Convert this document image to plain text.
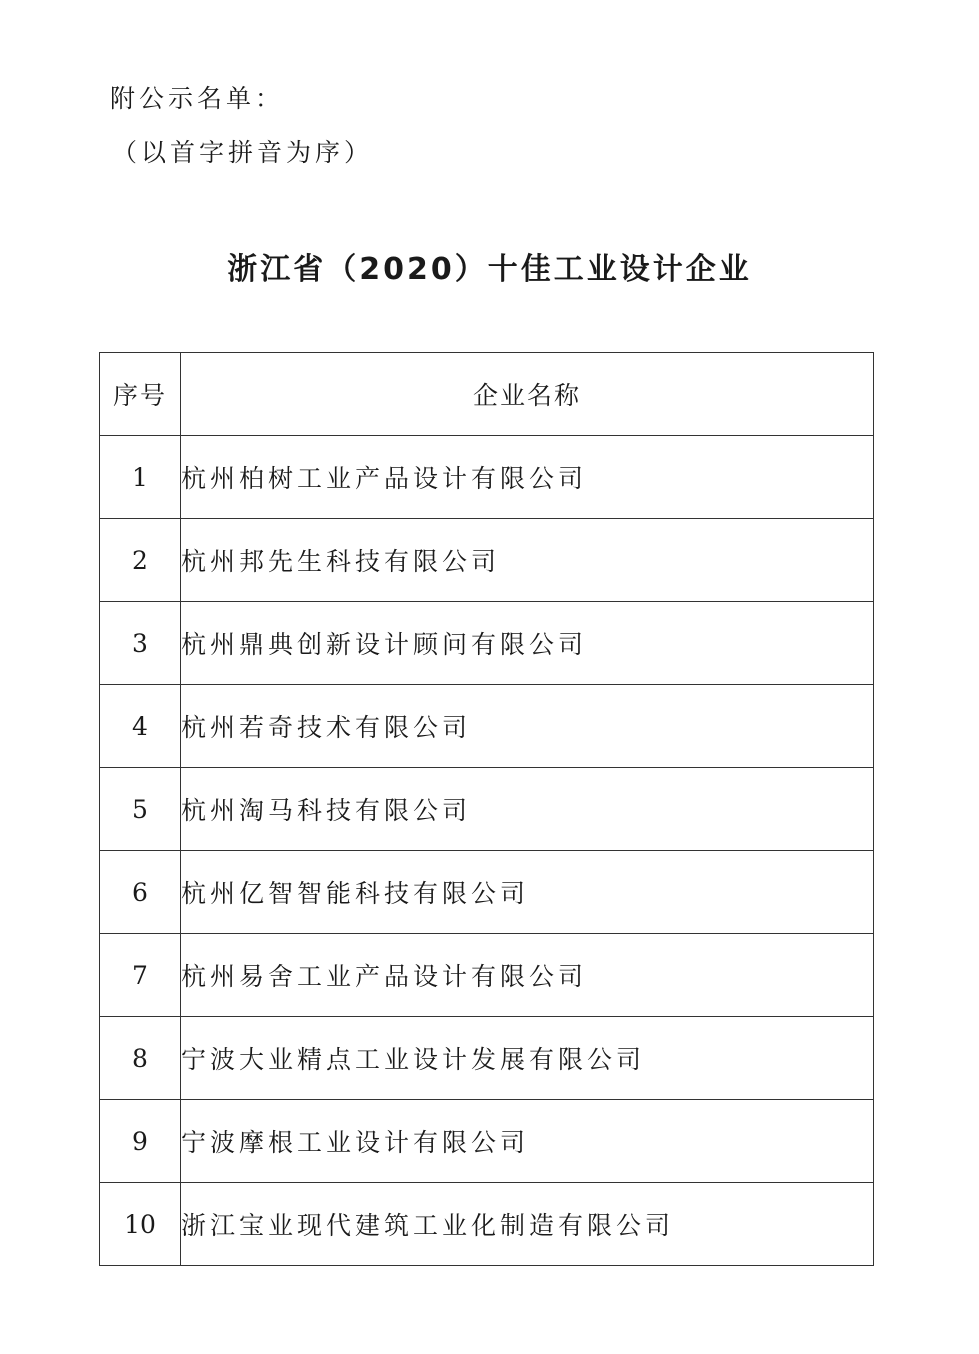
附公示名单：
（以首字拼音为序）
浙江省（2020）十佳工业设计企业
序号	企业名称
1	杭州柏树工业产品设计有限公司
2	杭州邦先生科技有限公司
3	杭州鼎典创新设计顾问有限公司
4	杭州若奇技术有限公司
5	杭州淘马科技有限公司
6	杭州亿智智能科技有限公司
7	杭州易舍工业产品设计有限公司
8	宁波大业精点工业设计发展有限公司
9	宁波摩根工业设计有限公司
10	浙江宝业现代建筑工业化制造有限公司
